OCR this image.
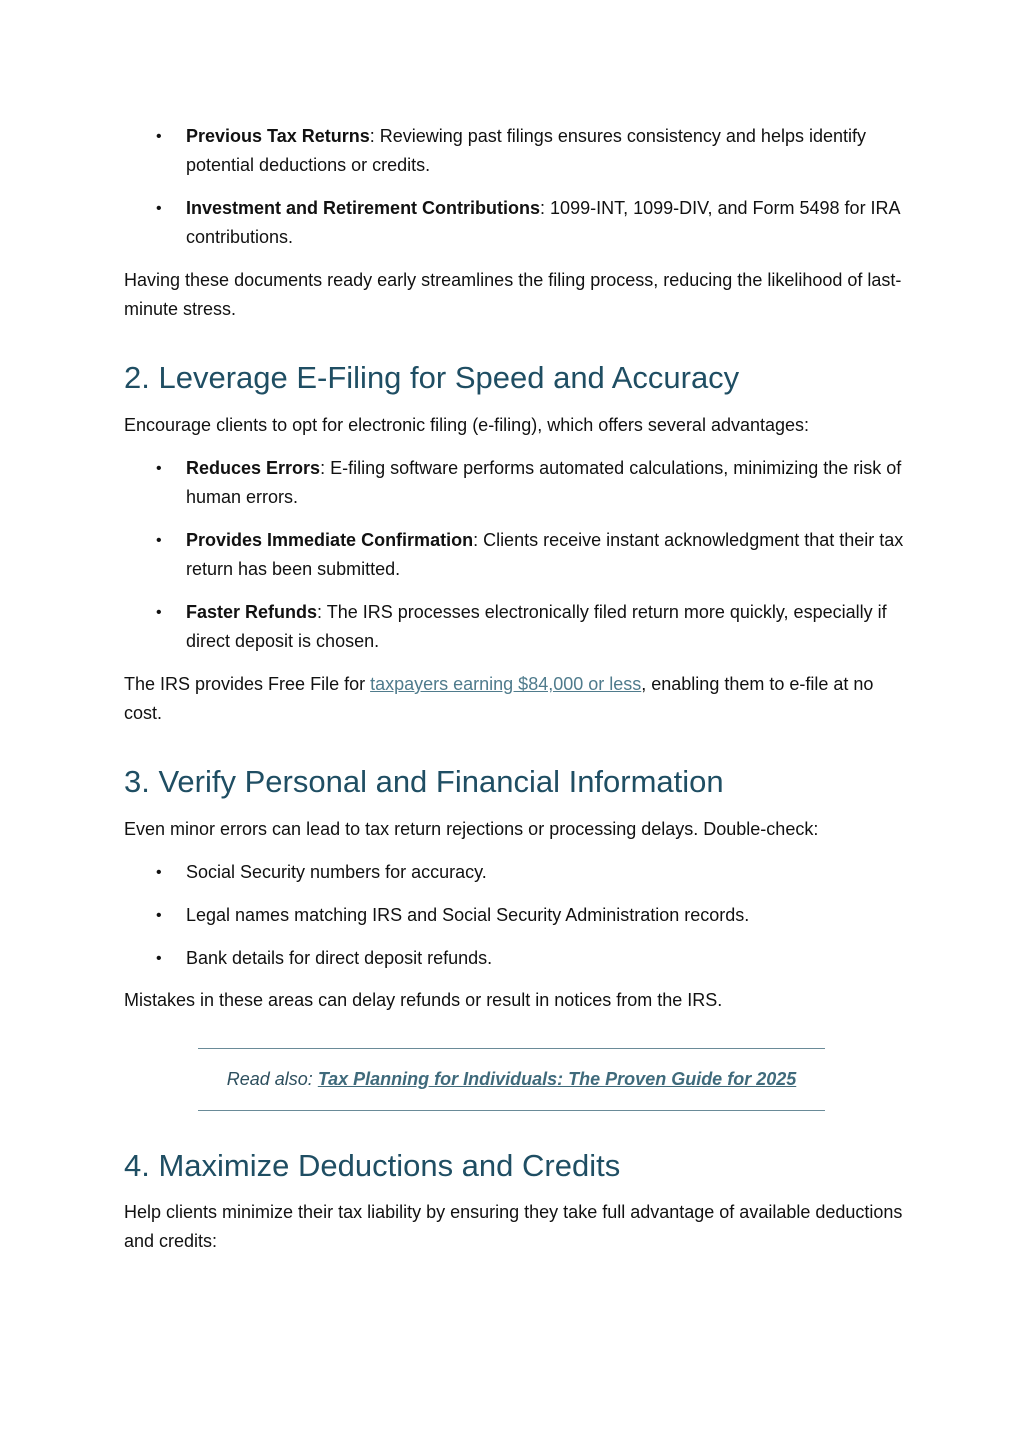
• Previous Tax Returns: Reviewing past filings ensures consistency and helps identify potential deductions or credits.
• Investment and Retirement Contributions: 1099-INT, 1099-DIV, and Form 5498 for IRA contributions.

Having these documents ready early streamlines the filing process, reducing the likelihood of last-minute stress.

2. Leverage E-Filing for Speed and Accuracy

Encourage clients to opt for electronic filing (e-filing), which offers several advantages:

• Reduces Errors: E-filing software performs automated calculations, minimizing the risk of human errors.
• Provides Immediate Confirmation: Clients receive instant acknowledgment that their tax return has been submitted.
• Faster Refunds: The IRS processes electronically filed return more quickly, especially if direct deposit is chosen.

The IRS provides Free File for taxpayers earning $84,000 or less, enabling them to e-file at no cost.

3. Verify Personal and Financial Information

Even minor errors can lead to tax return rejections or processing delays. Double-check:

• Social Security numbers for accuracy.
• Legal names matching IRS and Social Security Administration records.
• Bank details for direct deposit refunds.

Mistakes in these areas can delay refunds or result in notices from the IRS.

Read also: Tax Planning for Individuals: The Proven Guide for 2025

4. Maximize Deductions and Credits

Help clients minimize their tax liability by ensuring they take full advantage of available deductions and credits:
